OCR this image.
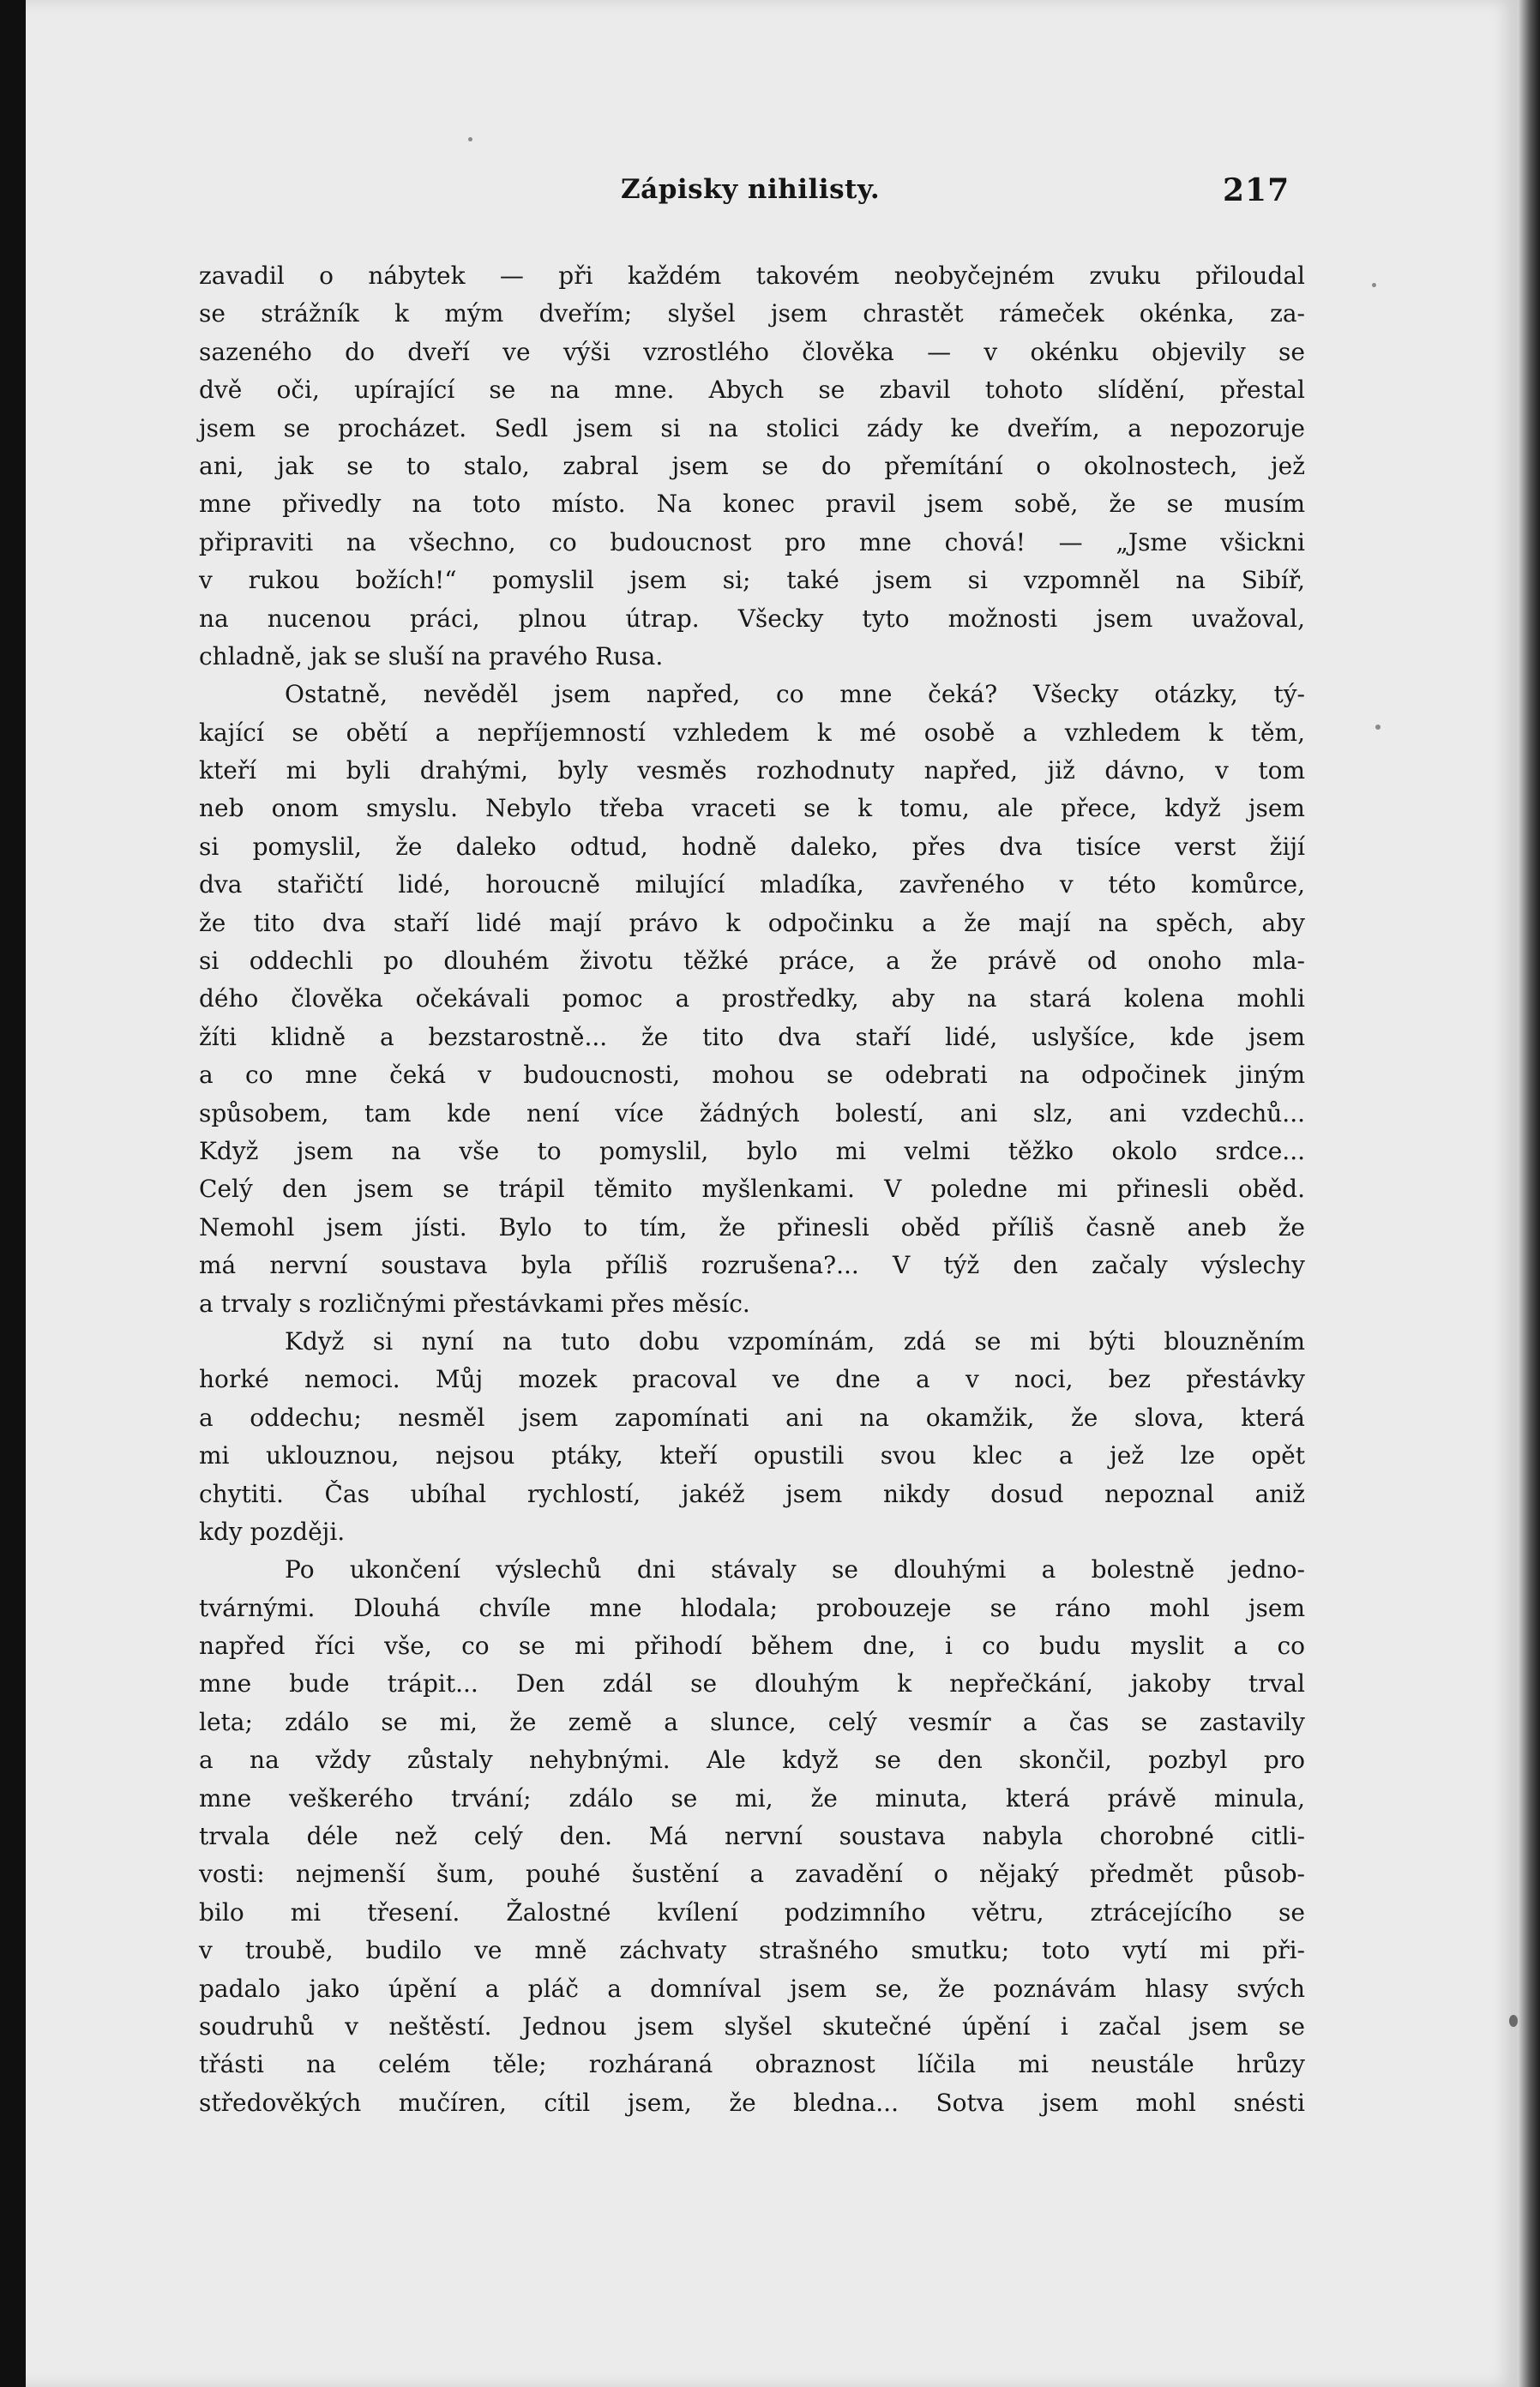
Zápisky nihilisty.	217
zavadil o nábytek — při každém takovém neobyčejném zvuku přiloudal
se strážník k mým dveřím; slyšel jsem chrastět rámeček okénka, za-
sazeného do dveří ve výši vzrostlého člověka — v okénku objevily se
dvě oči, upírající se na mne. Abych se zbavil tohoto slídění, přestal
jsem se procházet. Sedl jsem si na stolici zády ke dveřím, a nepozoruje
ani, jak se to stalo, zabral jsem se do přemítání o okolnostech, jež
mne přivedly na toto místo. Na konec pravil jsem sobě, že se musím
připraviti na všechno, co budoucnost pro mne chová! — „Jsme všickni
v rukou božích!“ pomyslil jsem si; také jsem si vzpomněl na Sibíř,
na nucenou práci, plnou útrap. Všecky tyto možnosti jsem uvažoval,
chladně, jak se sluší na pravého Rusa.
Ostatně, nevěděl jsem napřed, co mne čeká? Všecky otázky, tý-
kající se obětí a nepříjemností vzhledem k mé osobě a vzhledem k těm,
kteří mi byli drahými, byly vesměs rozhodnuty napřed, již dávno, v tom
neb onom smyslu. Nebylo třeba vraceti se k tomu, ale přece, když jsem
si pomyslil, že daleko odtud, hodně daleko, přes dva tisíce verst žijí
dva stařičtí lidé, horoucně milující mladíka, zavřeného v této komůrce,
že tito dva staří lidé mají právo k odpočinku a že mají na spěch, aby
si oddechli po dlouhém životu těžké práce, a že právě od onoho mla-
dého člověka očekávali pomoc a prostředky, aby na stará kolena mohli
žíti klidně a bezstarostně... že tito dva staří lidé, uslyšíce, kde jsem
a co mne čeká v budoucnosti, mohou se odebrati na odpočinek jiným
spůsobem, tam kde není více žádných bolestí, ani slz, ani vzdechů...
Když jsem na vše to pomyslil, bylo mi velmi těžko okolo srdce...
Celý den jsem se trápil těmito myšlenkami. V poledne mi přinesli oběd.
Nemohl jsem jísti. Bylo to tím, že přinesli oběd příliš časně aneb že
má nervní soustava byla příliš rozrušena?... V týž den začaly výslechy
a trvaly s rozličnými přestávkami přes měsíc.
Když si nyní na tuto dobu vzpomínám, zdá se mi býti blouzněním
horké nemoci. Můj mozek pracoval ve dne a v noci, bez přestávky
a oddechu; nesměl jsem zapomínati ani na okamžik, že slova, která
mi uklouznou, nejsou ptáky, kteří opustili svou klec a jež lze opět
chytiti. Čas ubíhal rychlostí, jakéž jsem nikdy dosud nepoznal aniž
kdy později.
Po ukončení výslechů dni stávaly se dlouhými a bolestně jedno-
tvárnými. Dlouhá chvíle mne hlodala; probouzeje se ráno mohl jsem
napřed říci vše, co se mi přihodí během dne, i co budu myslit a co
mne bude trápit... Den zdál se dlouhým k nepřečkání, jakoby trval
leta; zdálo se mi, že země a slunce, celý vesmír a čas se zastavily
a na vždy zůstaly nehybnými. Ale když se den skončil, pozbyl pro
mne veškerého trvání; zdálo se mi, že minuta, která právě minula,
trvala déle než celý den. Má nervní soustava nabyla chorobné citli-
vosti: nejmenší šum, pouhé šustění a zavadění o nějaký předmět působ-
bilo mi třesení. Žalostné kvílení podzimního větru, ztrácejícího se
v troubě, budilo ve mně záchvaty strašného smutku; toto vytí mi při-
padalo jako úpění a pláč a domníval jsem se, že poznávám hlasy svých
soudruhů v neštěstí. Jednou jsem slyšel skutečné úpění i začal jsem se
třásti na celém těle; rozháraná obraznost líčila mi neustále hrůzy
středověkých mučíren, cítil jsem, že bledna... Sotva jsem mohl snésti
